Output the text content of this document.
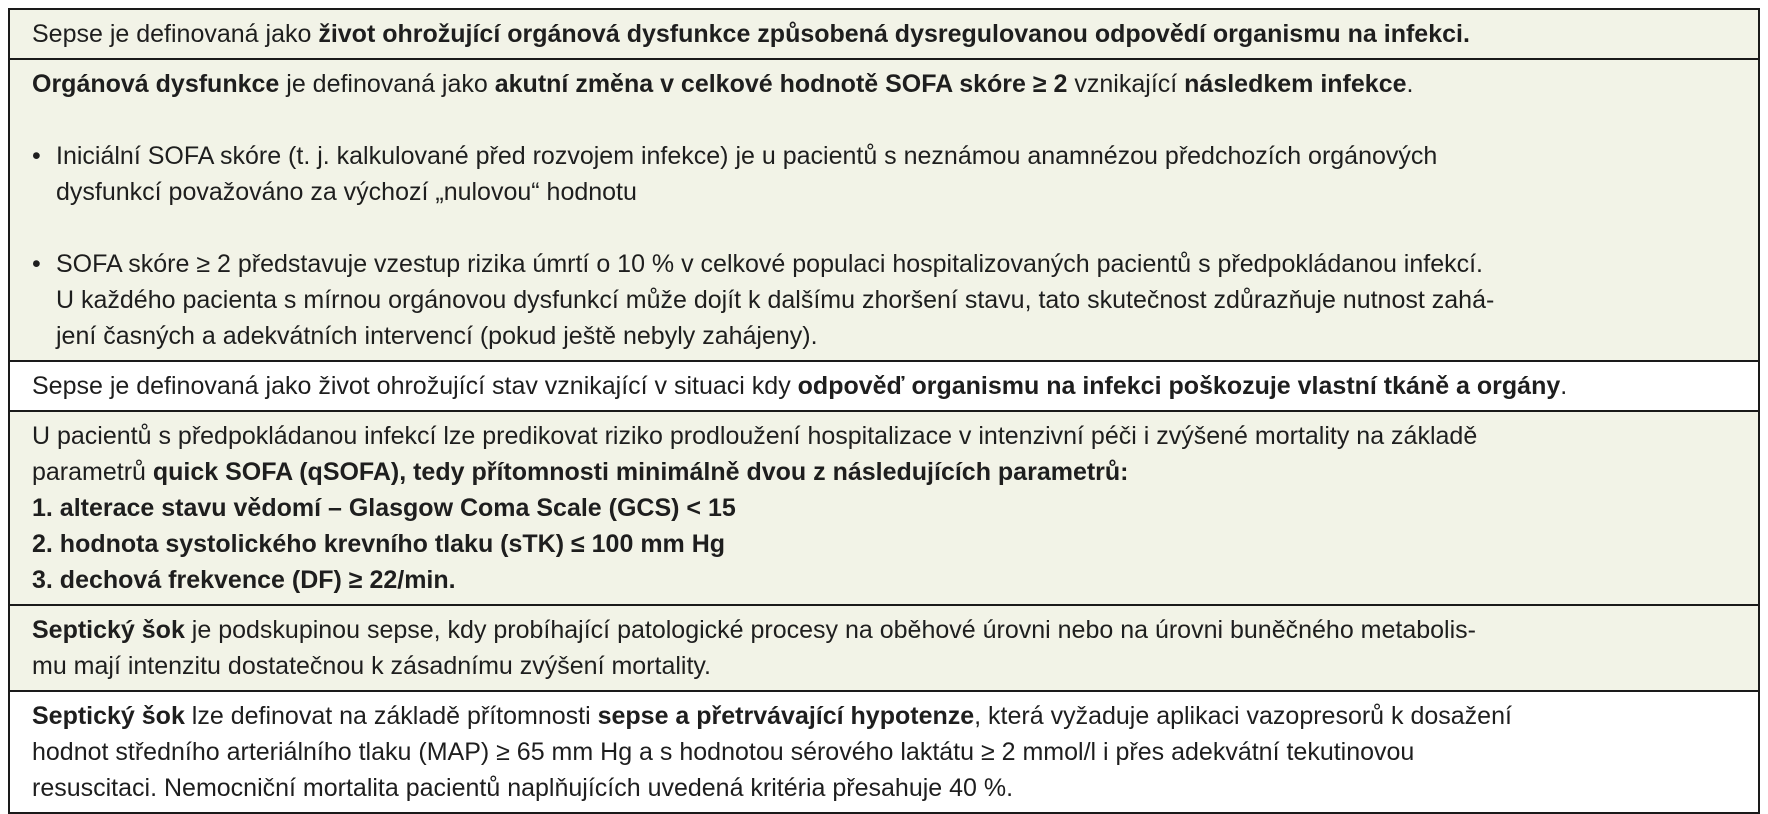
Sepse je definovaná jako život ohrožující orgánová dysfunkce způsobená dysregulovanou odpovědí organismu na infekci.

Orgánová dysfunkce je definovaná jako akutní změna v celkové hodnotě SOFA skóre ≥ 2 vznikající následkem infekce.

• Iniciální SOFA skóre (t. j. kalkulované před rozvojem infekce) je u pacientů s neznámou anamnézou předchozích orgánových
dysfunkcí považováno za výchozí „nulovou“ hodnotu
• SOFA skóre ≥ 2 představuje vzestup rizika úmrtí o 10 % v celkové populaci hospitalizovaných pacientů s předpokládanou infekcí.
U každého pacienta s mírnou orgánovou dysfunkcí může dojít k dalšímu zhoršení stavu, tato skutečnost zdůrazňuje nutnost zahá-
jení časných a adekvátních intervencí (pokud ještě nebyly zahájeny).

Sepse je definovaná jako život ohrožující stav vznikající v situaci kdy odpověď organismu na infekci poškozuje vlastní tkáně a orgány.

U pacientů s předpokládanou infekcí lze predikovat riziko prodloužení hospitalizace v intenzivní péči i zvýšené mortality na základě
parametrů quick SOFA (qSOFA), tedy přítomnosti minimálně dvou z následujících parametrů:
1. alterace stavu vědomí – Glasgow Coma Scale (GCS) < 15
2. hodnota systolického krevního tlaku (sTK) ≤ 100 mm Hg
3. dechová frekvence (DF) ≥ 22/min.
Septický šok je podskupinou sepse, kdy probíhající patologické procesy na oběhové úrovni nebo na úrovni buněčného metabolis-
mu mají intenzitu dostatečnou k zásadnímu zvýšení mortality.
Septický šok lze definovat na základě přítomnosti sepse a přetrvávající hypotenze, která vyžaduje aplikaci vazopresorů k dosažení
hodnot středního arteriálního tlaku (MAP) ≥ 65 mm Hg a s hodnotou sérového laktátu ≥ 2 mmol/l i přes adekvátní tekutinovou
resuscitaci. Nemocniční mortalita pacientů naplňujících uvedená kritéria přesahuje 40 %.
